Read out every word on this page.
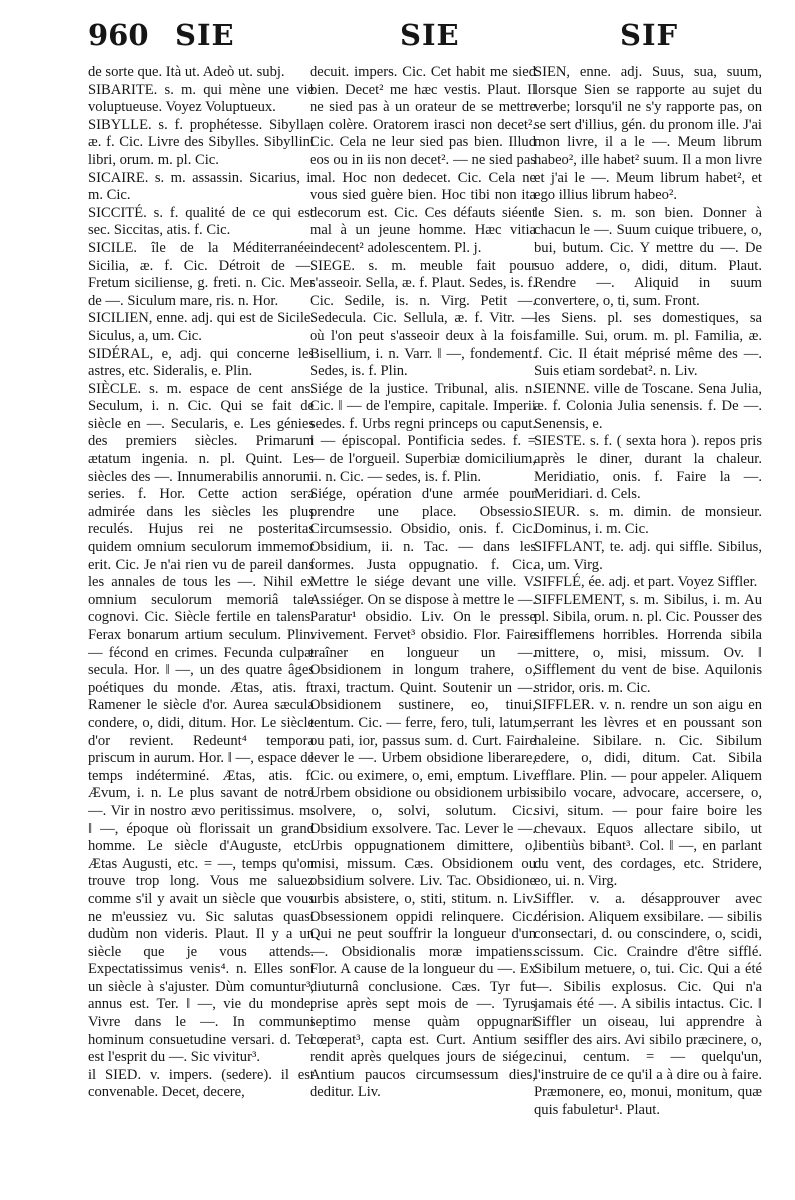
960 SIE	SIE	SIF

de sorte que. Ità ut. Adeò ut. subj.

SIBARITE. s. m. qui mène une vie voluptueuse. Voyez Voluptueux.

SIBYLLE. s. f. prophétesse. Sibylla, æ. f. Cic. Livre des Sibylles. Sibyllini libri, orum. m. pl. Cic.

SICAIRE. s. m. assassin. Sicarius, i. m. Cic.

SICCITÉ. s. f. qualité de ce qui est sec. Siccitas, atis. f. Cic.

SICILE. île de la Méditerranée. Sicilia, æ. f. Cic. Détroit de —. Fretum siciliense, g. freti. n. Cic. Mer de —. Siculum mare, ris. n. Hor.

SICILIEN, enne. adj. qui est de Sicile. Siculus, a, um. Cic.

SIDÉRAL, e, adj. qui concerne les astres, etc. Sideralis, e. Plin.

SIÈCLE. s. m. espace de cent ans. Seculum, i. n. Cic. Qui se fait de siècle en —. Secularis, e. Les génies des premiers siècles. Primarum ætatum ingenia. n. pl. Quint. Les siècles des —. Innumerabilis annorum series. f. Hor. Cette action sera admirée dans les siècles les plus reculés. Hujus rei ne posteritas quidem omnium seculorum immemor erit. Cic. Je n'ai rien vu de pareil dans les annales de tous les —. Nihil ex omnium seculorum memoriâ tale cognovi. Cic. Siècle fertile en talens. Ferax bonarum artium seculum. Plin. — fécond en crimes. Fecunda culpæ secula. Hor. ‖ —, un des quatre âges poétiques du monde. Ætas, atis. f. Ramener le siècle d'or. Aurea sæcula condere, o, didi, ditum. Hor. Le siècle d'or revient. Redeunt⁴ tempora priscum in aurum. Hor. ‖ —, espace de temps indéterminé. Ætas, atis. f. Ævum, i. n. Le plus savant de notre —. Vir in nostro ævo peritissimus. m. ‖ —, époque où florissait un grand homme. Le siècle d'Auguste, etc. Ætas Augusti, etc. = —, temps qu'on trouve trop long. Vous me saluez comme s'il y avait un siècle que vous ne m'eussiez vu. Sic salutas quasi dudùm non videris. Plaut. Il y a un siècle que je vous attends. Expectatissimus venis⁴. n. Elles sont un siècle à s'ajuster. Dùm comuntur³, annus est. Ter. ‖ —, vie du monde. Vivre dans le —. In communi hominum consuetudine versari. d. Tel est l'esprit du —. Sic vivitur³.

il SIED. v. impers. (sedere). il est convenable. Decet, decere,

decuit. impers. Cic. Cet habit me sied bien. Decet² me hæc vestis. Plaut. Il ne sied pas à un orateur de se mettre en colère. Oratorem irasci non decet². Cic. Cela ne leur sied pas bien. Illud eos ou in iis non decet². — ne sied pas mal. Hoc non dedecet. Cic. Cela ne vous sied guère bien. Hoc tibi non ita decorum est. Cic. Ces défauts siéent mal à un jeune homme. Hæc vitia indecent² adolescentem. Pl. j.

SIEGE. s. m. meuble fait pour s'asseoir. Sella, æ. f. Plaut. Sedes, is. f. Cic. Sedile, is. n. Virg. Petit —. Sedecula. Cic. Sellula, æ. f. Vitr. — où l'on peut s'asseoir deux à la fois. Bisellium, i. n. Varr. ‖ —, fondement. Sedes, is. f. Plin.

Siége de la justice. Tribunal, alis. n. Cic. ‖ — de l'empire, capitale. Imperii sedes. f. Urbs regni princeps ou caput. ‖ — épiscopal. Pontificia sedes. f. = — de l'orgueil. Superbiæ domicilium, ii. n. Cic. — sedes, is. f. Plin.

Siége, opération d'une armée pour prendre une place. Obsessio. Circumsessio. Obsidio, onis. f. Cic. Obsidium, ii. n. Tac. — dans les formes. Justa oppugnatio. f. Cic. Mettre le siége devant une ville. V. Assiéger. On se dispose à mettre le —. Paratur¹ obsidio. Liv. On le presse vivement. Fervet³ obsidio. Flor. Faire traîner en longueur un —. Obsidionem in longum trahere, o, traxi, tractum. Quint. Soutenir un —. Obsidionem sustinere, eo, tinui, tentum. Cic. — ferre, fero, tuli, latum, ou pati, ior, passus sum. d. Curt. Faire lever le —. Urbem obsidione liberare, Cic. ou eximere, o, emi, emptum. Liv. Urbem obsidione ou obsidionem urbis solvere, o, solvi, solutum. Cic. Obsidium exsolvere. Tac. Lever le —. Urbis oppugnationem dimittere, o, misi, missum. Cæs. Obsidionem ou obsidium solvere. Liv. Tac. Obsidione urbis absistere, o, stiti, stitum. n. Liv. Obsessionem oppidi relinquere. Cic. Qui ne peut souffrir la longueur d'un —. Obsidionalis moræ impatiens. Flor. A cause de la longueur du —. Ex diuturnâ conclusione. Cæs. Tyr fut prise après sept mois de —. Tyrus septimo mense quàm oppugnari cœperat³, capta est. Curt. Antium se rendit après quelques jours de siége. Antium paucos circumsessum dies, deditur. Liv.

SIEN, enne. adj. Suus, sua, suum, lorsque Sien se rapporte au sujet du verbe; lorsqu'il ne s'y rapporte pas, on se sert d'illius, gén. du pronom ille. J'ai mon livre, il a le —. Meum librum habeo², ille habet² suum. Il a mon livre et j'ai le —. Meum librum habet², et ego illius librum habeo².

le Sien. s. m. son bien. Donner à chacun le —. Suum cuique tribuere, o, bui, butum. Cic. Y mettre du —. De suo addere, o, didi, ditum. Plaut. Rendre —. Aliquid in suum convertere, o, ti, sum. Front.

les Siens. pl. ses domestiques, sa famille. Sui, orum. m. pl. Familia, æ. f. Cic. Il était méprisé même des —. Suis etiam sordebat². n. Liv.

SIENNE. ville de Toscane. Sena Julia, æ. f. Colonia Julia senensis. f. De —. Senensis, e.

SIESTE. s. f. ( sexta hora ). repos pris après le diner, durant la chaleur. Meridiatio, onis. f. Faire la —. Meridiari. d. Cels.

SIEUR. s. m. dimin. de monsieur. Dominus, i. m. Cic.

SIFFLANT, te. adj. qui siffle. Sibilus, a, um. Virg.

SIFFLÉ, ée. adj. et part. Voyez Siffler.

SIFFLEMENT, s. m. Sibilus, i. m. Au pl. Sibila, orum. n. pl. Cic. Pousser des sifflemens horribles. Horrenda sibila mittere, o, misi, missum. Ov. ‖ Sifflement du vent de bise. Aquilonis stridor, oris. m. Cic.

SIFFLER. v. n. rendre un son aigu en serrant les lèvres et en poussant son haleine. Sibilare. n. Cic. Sibilum edere, o, didi, ditum. Cat. Sibila efflare. Plin. — pour appeler. Aliquem sibilo vocare, advocare, accersere, o, sivi, situm. — pour faire boire les chevaux. Equos allectare sibilo, ut libentiùs bibant³. Col. ‖ —, en parlant du vent, des cordages, etc. Stridere, eo, ui. n. Virg.

Siffler. v. a. désapprouver avec dérision. Aliquem exsibilare. — sibilis consectari, d. ou conscindere, o, scidi, scissum. Cic. Craindre d'être sifflé. Sibilum metuere, o, tui. Cic. Qui a été —. Sibilis explosus. Cic. Qui n'a jamais été —. A sibilis intactus. Cic. ‖ Siffler un oiseau, lui apprendre à siffler des airs. Avi sibilo præcinere, o, cinui, centum. = — quelqu'un, l'instruire de ce qu'il a à dire ou à faire. Præmonere, eo, monui, monitum, quæ quis fabuletur¹. Plaut.
